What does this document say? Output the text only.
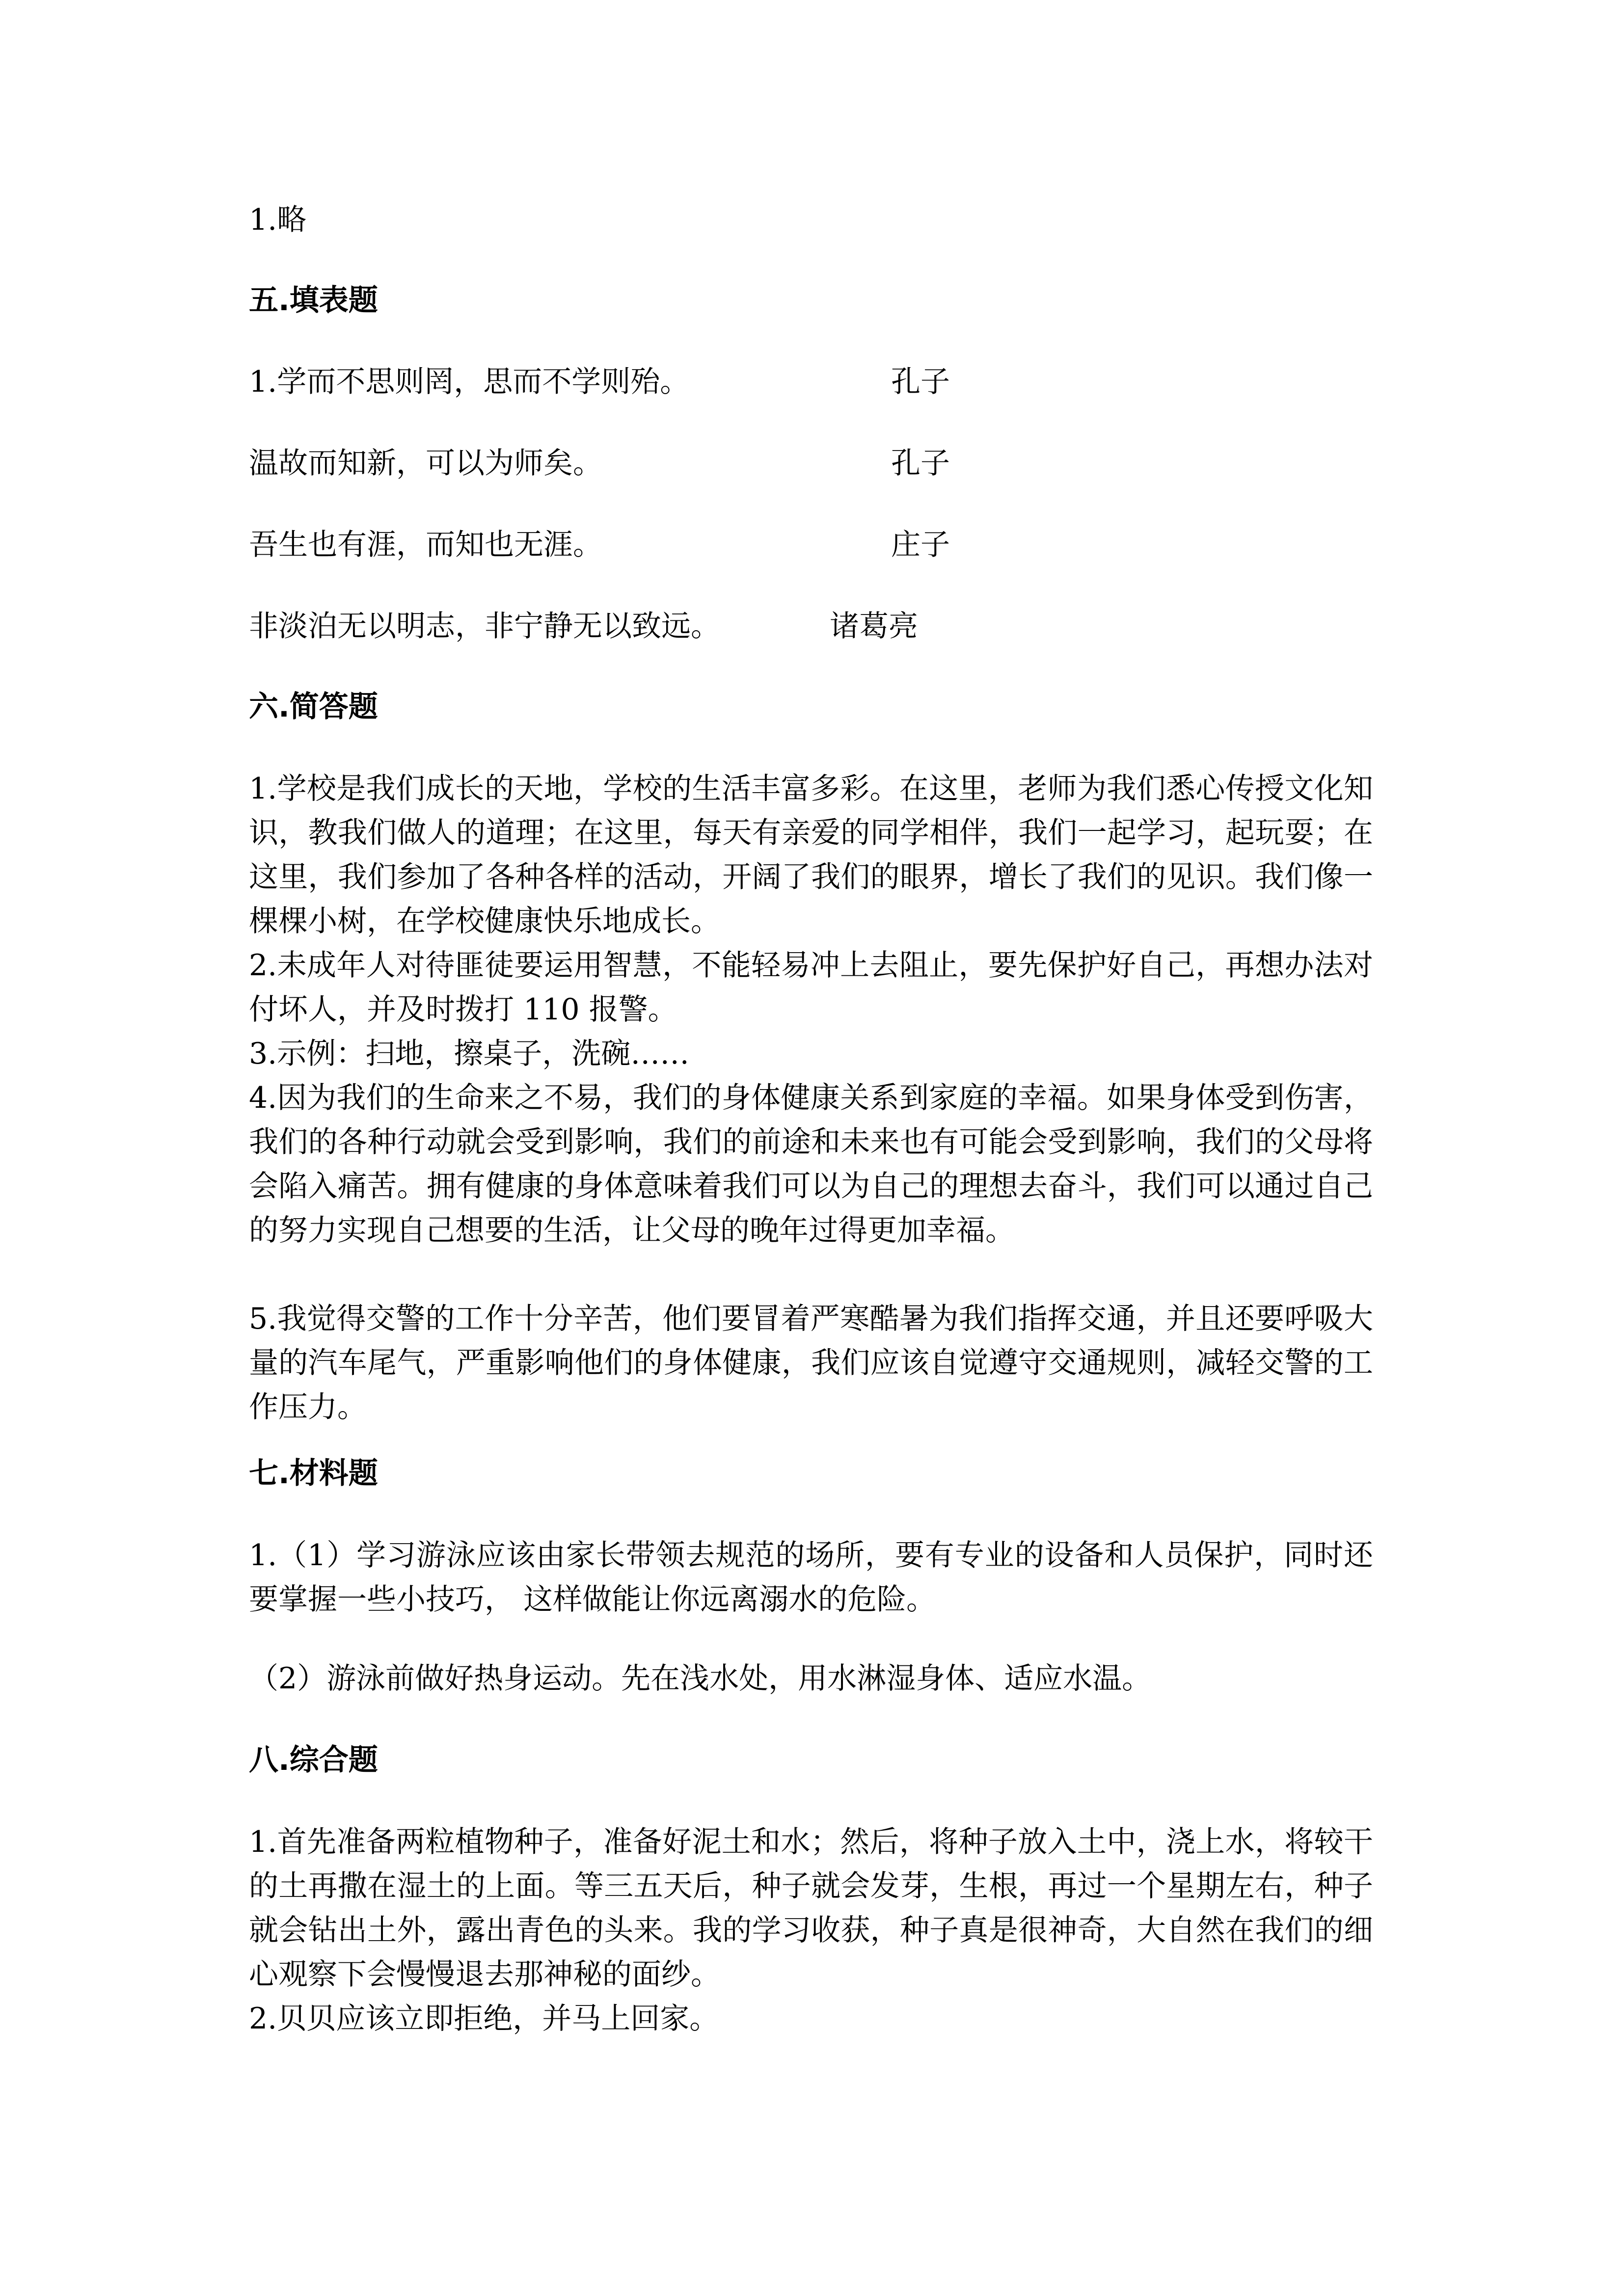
1.略

五.填表题

1.学而不思则罔，思而不学则殆。	孔子

温故而知新，可以为师矣。	孔子

吾生也有涯，而知也无涯。	庄子

非淡泊无以明志，非宁静无以致远。	诸葛亮

六.简答题

1.学校是我们成长的天地，学校的生活丰富多彩。在这里，老师为我们悉心传授文化知识，教我们做人的道理；在这里，每天有亲爱的同学相伴，我们一起学习，起玩耍；在这里，我们参加了各种各样的活动，开阔了我们的眼界，增长了我们的见识。我们像一棵棵小树，在学校健康快乐地成长。

2.未成年人对待匪徒要运用智慧，不能轻易冲上去阻止，要先保护好自己，再想办法对付坏人，并及时拨打 110 报警。

3.示例：扫地，擦桌子，洗碗……

4.因为我们的生命来之不易，我们的身体健康关系到家庭的幸福。如果身体受到伤害，我们的各种行动就会受到影响，我们的前途和未来也有可能会受到影响，我们的父母将会陷入痛苦。拥有健康的身体意味着我们可以为自己的理想去奋斗，我们可以通过自己的努力实现自己想要的生活，让父母的晚年过得更加幸福。

5.我觉得交警的工作十分辛苦，他们要冒着严寒酷暑为我们指挥交通，并且还要呼吸大量的汽车尾气，严重影响他们的身体健康，我们应该自觉遵守交通规则，减轻交警的工作压力。

七.材料题

1.（1）学习游泳应该由家长带领去规范的场所，要有专业的设备和人员保护，同时还要掌握一些小技巧， 这样做能让你远离溺水的危险。

（2）游泳前做好热身运动。先在浅水处，用水淋湿身体、适应水温。

八.综合题

1.首先准备两粒植物种子，准备好泥土和水；然后，将种子放入土中，浇上水，将较干的土再撒在湿土的上面。等三五天后，种子就会发芽，生根，再过一个星期左右，种子就会钻出土外，露出青色的头来。我的学习收获，种子真是很神奇，大自然在我们的细心观察下会慢慢退去那神秘的面纱。

2.贝贝应该立即拒绝，并马上回家。
